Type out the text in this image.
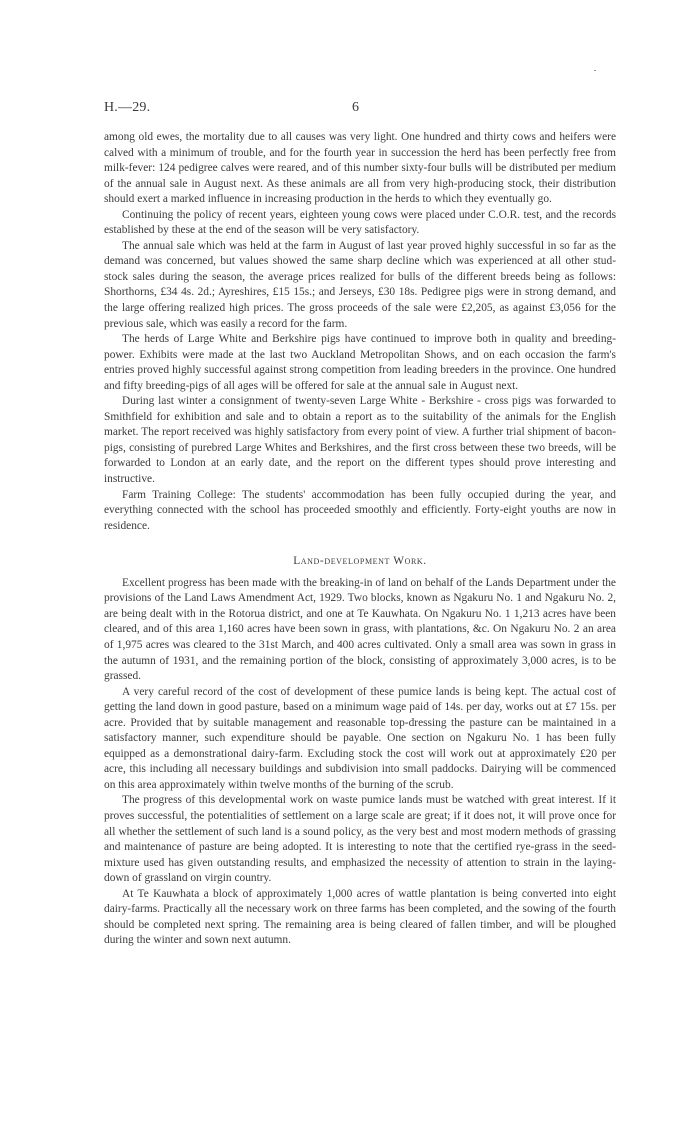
H.—29.	6

among old ewes, the mortality due to all causes was very light. One hundred and thirty cows and heifers were calved with a minimum of trouble, and for the fourth year in succession the herd has been perfectly free from milk-fever: 124 pedigree calves were reared, and of this number sixty-four bulls will be distributed per medium of the annual sale in August next. As these animals are all from very high-producing stock, their distribution should exert a marked influence in increasing production in the herds to which they eventually go.

Continuing the policy of recent years, eighteen young cows were placed under C.O.R. test, and the records established by these at the end of the season will be very satisfactory.

The annual sale which was held at the farm in August of last year proved highly successful in so far as the demand was concerned, but values showed the same sharp decline which was experienced at all other stud-stock sales during the season, the average prices realized for bulls of the different breeds being as follows: Shorthorns, £34 4s. 2d.; Ayreshires, £15 15s.; and Jerseys, £30 18s. Pedigree pigs were in strong demand, and the large offering realized high prices. The gross proceeds of the sale were £2,205, as against £3,056 for the previous sale, which was easily a record for the farm.

The herds of Large White and Berkshire pigs have continued to improve both in quality and breeding-power. Exhibits were made at the last two Auckland Metropolitan Shows, and on each occasion the farm's entries proved highly successful against strong competition from leading breeders in the province. One hundred and fifty breeding-pigs of all ages will be offered for sale at the annual sale in August next.

During last winter a consignment of twenty-seven Large White - Berkshire - cross pigs was forwarded to Smithfield for exhibition and sale and to obtain a report as to the suitability of the animals for the English market. The report received was highly satisfactory from every point of view. A further trial shipment of bacon-pigs, consisting of purebred Large Whites and Berkshires, and the first cross between these two breeds, will be forwarded to London at an early date, and the report on the different types should prove interesting and instructive.

Farm Training College: The students' accommodation has been fully occupied during the year, and everything connected with the school has proceeded smoothly and efficiently. Forty-eight youths are now in residence.

Land-development Work.

Excellent progress has been made with the breaking-in of land on behalf of the Lands Department under the provisions of the Land Laws Amendment Act, 1929. Two blocks, known as Ngakuru No. 1 and Ngakuru No. 2, are being dealt with in the Rotorua district, and one at Te Kauwhata. On Ngakuru No. 1 1,213 acres have been cleared, and of this area 1,160 acres have been sown in grass, with plantations, &c. On Ngakuru No. 2 an area of 1,975 acres was cleared to the 31st March, and 400 acres cultivated. Only a small area was sown in grass in the autumn of 1931, and the remaining portion of the block, consisting of approximately 3,000 acres, is to be grassed.

A very careful record of the cost of development of these pumice lands is being kept. The actual cost of getting the land down in good pasture, based on a minimum wage paid of 14s. per day, works out at £7 15s. per acre. Provided that by suitable management and reasonable top-dressing the pasture can be maintained in a satisfactory manner, such expenditure should be payable. One section on Ngakuru No. 1 has been fully equipped as a demonstrational dairy-farm. Excluding stock the cost will work out at approximately £20 per acre, this including all necessary buildings and subdivision into small paddocks. Dairying will be commenced on this area approximately within twelve months of the burning of the scrub.

The progress of this developmental work on waste pumice lands must be watched with great interest. If it proves successful, the potentialities of settlement on a large scale are great; if it does not, it will prove once for all whether the settlement of such land is a sound policy, as the very best and most modern methods of grassing and maintenance of pasture are being adopted. It is interesting to note that the certified rye-grass in the seed-mixture used has given outstanding results, and emphasized the necessity of attention to strain in the laying-down of grassland on virgin country.

At Te Kauwhata a block of approximately 1,000 acres of wattle plantation is being converted into eight dairy-farms. Practically all the necessary work on three farms has been completed, and the sowing of the fourth should be completed next spring. The remaining area is being cleared of fallen timber, and will be ploughed during the winter and sown next autumn.
